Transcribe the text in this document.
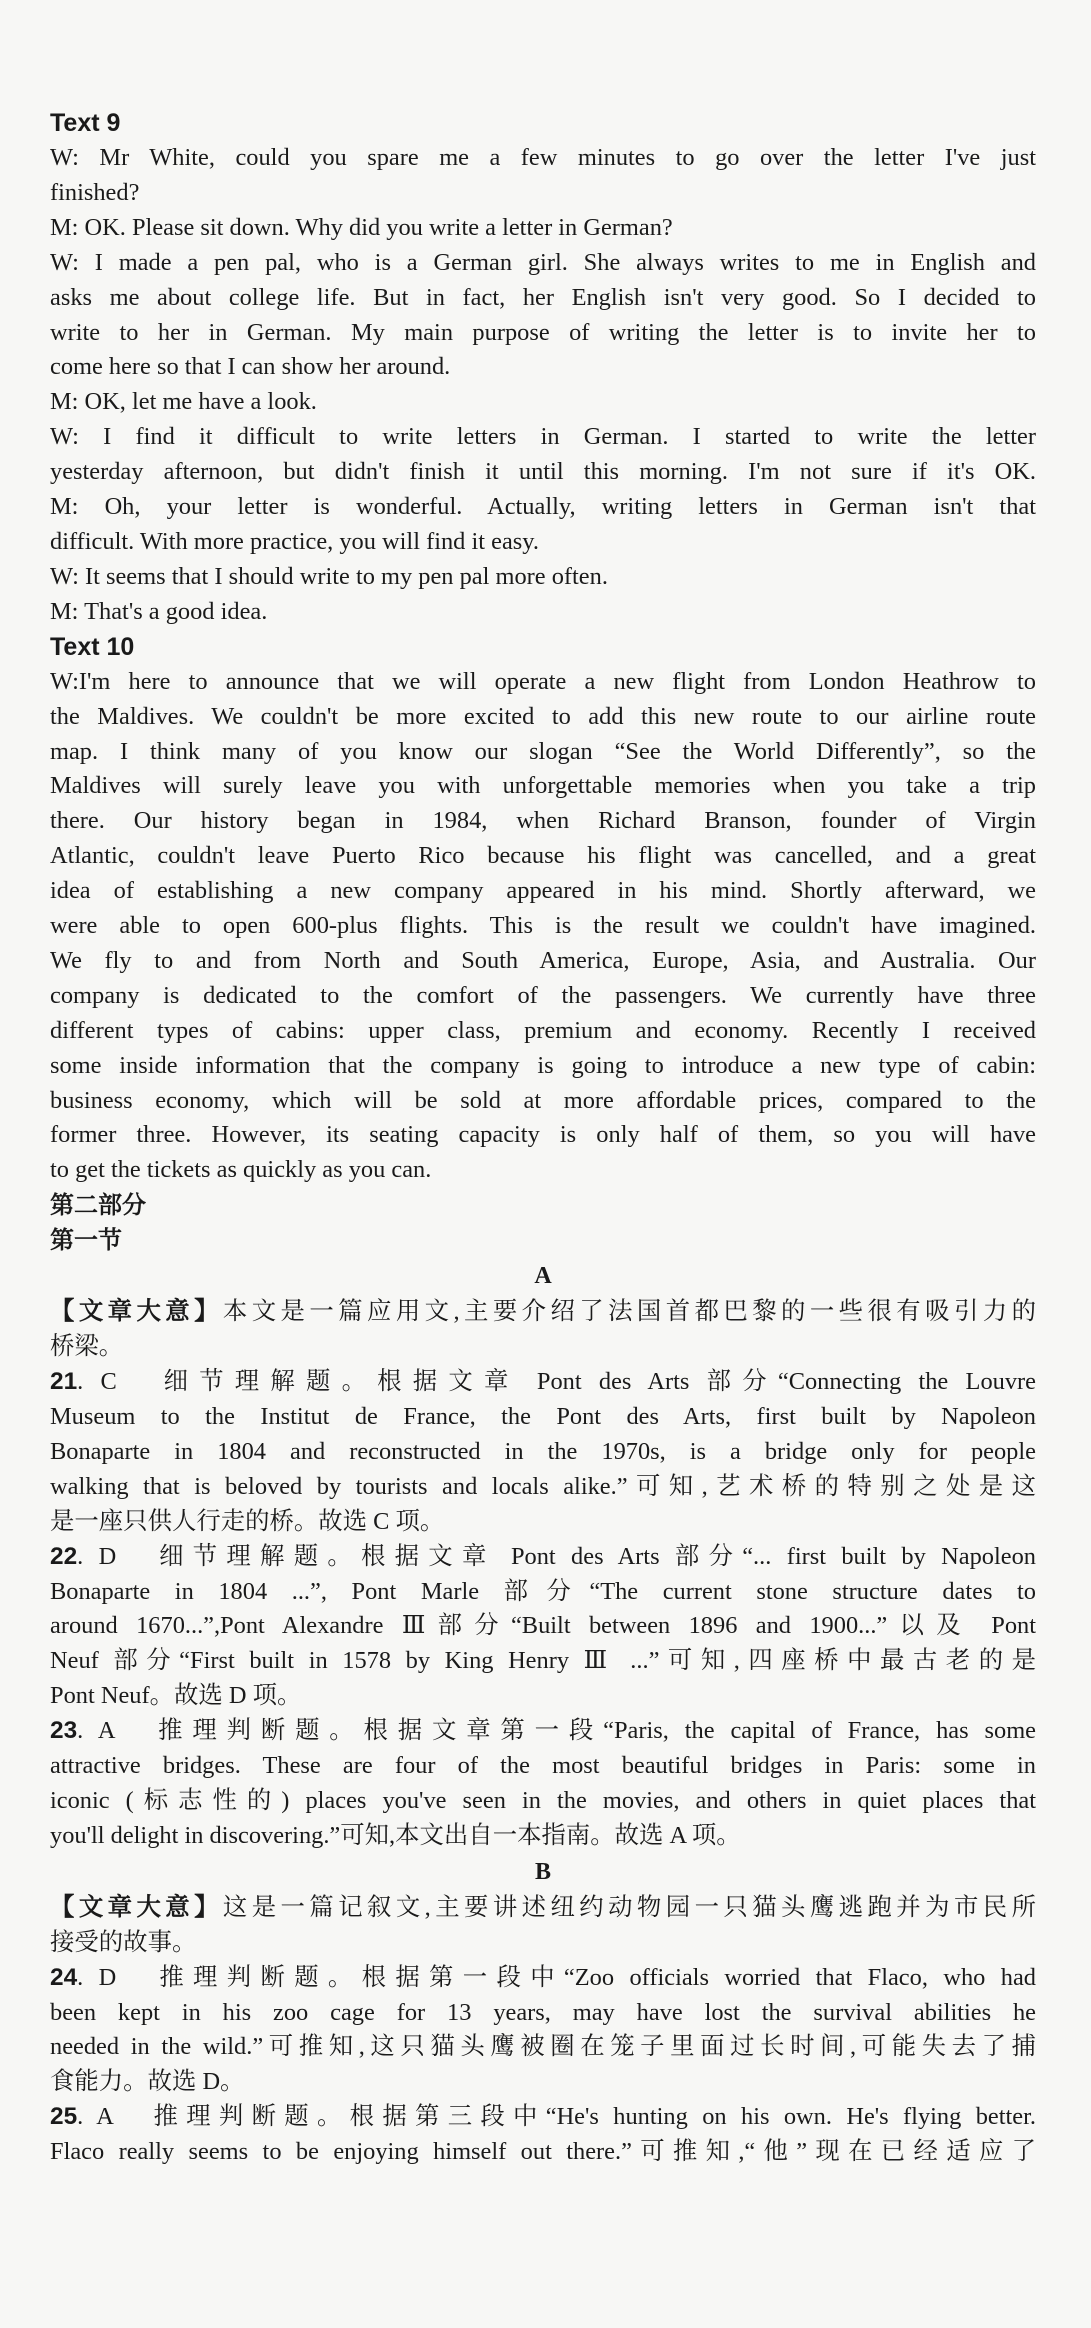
Text 9

W: Mr White, could you spare me a few minutes to go over the letter I've just

finished?

M: OK. Please sit down. Why did you write a letter in German?

W: I made a pen pal, who is a German girl. She always writes to me in English and

asks me about college life. But in fact, her English isn't very good. So I decided to

write to her in German. My main purpose of writing the letter is to invite her to

come here so that I can show her around.

M: OK, let me have a look.

W: I find it difficult to write letters in German. I started to write the letter

yesterday afternoon, but didn't finish it until this morning. I'm not sure if it's OK.

M: Oh, your letter is wonderful. Actually, writing letters in German isn't that

difficult. With more practice, you will find it easy.

W: It seems that I should write to my pen pal more often.

M: That's a good idea.

Text 10

W:I'm here to announce that we will operate a new flight from London Heathrow to

the Maldives. We couldn't be more excited to add this new route to our airline route

map. I think many of you know our slogan “See the World Differently”, so the

Maldives will surely leave you with unforgettable memories when you take a trip

there. Our history began in 1984, when Richard Branson, founder of Virgin

Atlantic, couldn't leave Puerto Rico because his flight was cancelled, and a great

idea of establishing a new company appeared in his mind. Shortly afterward, we

were able to open 600-plus flights. This is the result we couldn't have imagined.

We fly to and from North and South America, Europe, Asia, and Australia. Our

company is dedicated to the comfort of the passengers. We currently have three

different types of cabins: upper class, premium and economy. Recently I received

some inside information that the company is going to introduce a new type of cabin:

business economy, which will be sold at more affordable prices, compared to the

former three. However, its seating capacity is only half of them, so you will have

to get the tickets as quickly as you can.

第二部分

第一节

A

【文章大意】本文是一篇应用文,主要介绍了法国首都巴黎的一些很有吸引力的

桥梁。

21. C　细节理解题。根据文章 Pont des Arts 部分“Connecting the Louvre

Museum to the Institut de France, the Pont des Arts, first built by Napoleon

Bonaparte in 1804 and reconstructed in the 1970s, is a bridge only for people

walking that is beloved by tourists and locals alike.”可知,艺术桥的特别之处是这

是一座只供人行走的桥。故选 C 项。

22. D　细节理解题。根据文章 Pont des Arts 部分“... first built by Napoleon

Bonaparte in 1804 ...”, Pont Marle 部分“The current stone structure dates to

around 1670...”,Pont Alexandre Ⅲ部分“Built between 1896 and 1900...”以及 Pont

Neuf 部分“First built in 1578 by King Henry Ⅲ ...”可知,四座桥中最古老的是

Pont Neuf。故选 D 项。

23. A　推理判断题。根据文章第一段“Paris, the capital of France, has some

attractive bridges. These are four of the most beautiful bridges in Paris: some in

iconic (标志性的) places you've seen in the movies, and others in quiet places that

you'll delight in discovering.”可知,本文出自一本指南。故选 A 项。

B

【文章大意】这是一篇记叙文,主要讲述纽约动物园一只猫头鹰逃跑并为市民所

接受的故事。

24. D　推理判断题。根据第一段中“Zoo officials worried that Flaco, who had

been kept in his zoo cage for 13 years, may have lost the survival abilities he

needed in the wild.”可推知,这只猫头鹰被圈在笼子里面过长时间,可能失去了捕

食能力。故选 D。

25. A　推理判断题。根据第三段中“He's hunting on his own. He's flying better.

Flaco really seems to be enjoying himself out there.”可推知,“他”现在已经适应了
